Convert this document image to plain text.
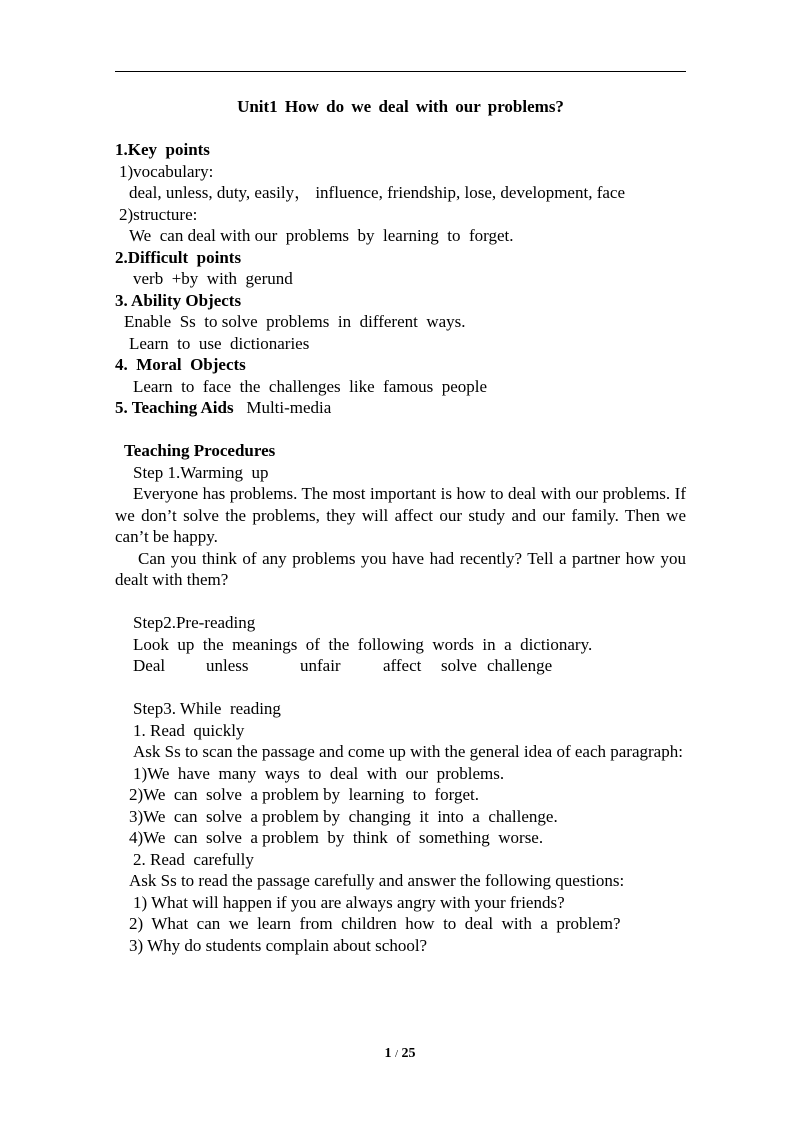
Unit1 How do we deal with our problems?
1.Key  points
1)vocabulary:
deal, unless, duty, easily， influence, friendship, lose, development, face
2)structure:
We  can deal with our  problems  by  learning  to  forget.
2.Difficult  points
verb  +by  with  gerund
3. Ability Objects
Enable  Ss  to solve  problems  in  different  ways.
Learn  to  use  dictionaries
4.  Moral  Objects
Learn  to  face  the  challenges  like  famous  people
5. Teaching Aids Multi-media
Teaching Procedures
Step 1.Warming  up
Everyone has problems. The most important is how to deal with our problems. If we don’t solve the problems, they will affect our study and our family. Then we can’t be happy.
Can you think of any problems you have had recently? Tell a partner how you dealt with them?
Step2.Pre-reading
Look  up  the  meanings  of  the  following  words  in  a  dictionary.
Deal unless	unfair affect solve challenge
Step3. While  reading
1. Read  quickly
Ask Ss to scan the passage and come up with the general idea of each paragraph:
1)We  have  many  ways  to  deal  with  our  problems.
2)We  can  solve  a problem by  learning  to  forget.
3)We  can  solve  a problem by  changing  it  into  a  challenge.
4)We  can  solve  a problem  by  think  of  something  worse.
2. Read  carefully
Ask Ss to read the passage carefully and answer the following questions:
1) What will happen if you are always angry with your friends?
2)  What  can  we  learn  from  children  how  to  deal  with  a  problem?
3) Why do students complain about school?
1 / 25
